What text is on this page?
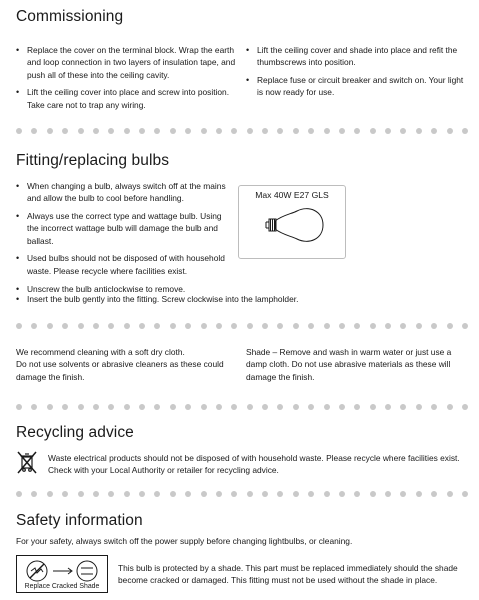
Commissioning
• Replace the cover on the terminal block. Wrap the earth and loop connection in two layers of insulation tape, and push all of these into the ceiling cavity.
• Lift the ceiling cover into place and screw into position. Take care not to trap any wiring.
• Lift the ceiling cover and shade into place and refit the thumbscrews into position.
• Replace fuse or circuit breaker and switch on. Your light is now ready for use.
Fitting/replacing bulbs
• When changing a bulb, always switch off at the mains and allow the bulb to cool before handling.
• Always use the correct type and wattage bulb. Using the incorrect wattage bulb will damage the bulb and ballast.
• Used bulbs should not be disposed of with household waste. Please recycle where facilities exist.
• Unscrew the bulb anticlockwise to remove.
• Insert the bulb gently into the fitting. Screw clockwise into the lampholder.
Max 40W E27 GLS
We recommend cleaning with a soft dry cloth.
Do not use solvents or abrasive cleaners as these could damage the finish.
Shade – Remove and wash in warm water or just use a damp cloth. Do not use abrasive materials as these will damage the finish.
Recycling advice
Waste electrical products should not be disposed of with household waste. Please recycle where facilities exist. Check with your Local Authority or retailer for recycling advice.
Safety information
For your safety, always switch off the power supply before changing lightbulbs, or cleaning.
Replace Cracked Shade
This bulb is protected by a shade. This part must be replaced immediately should the shade become cracked or damaged. This fitting must not be used without the shade in place.
